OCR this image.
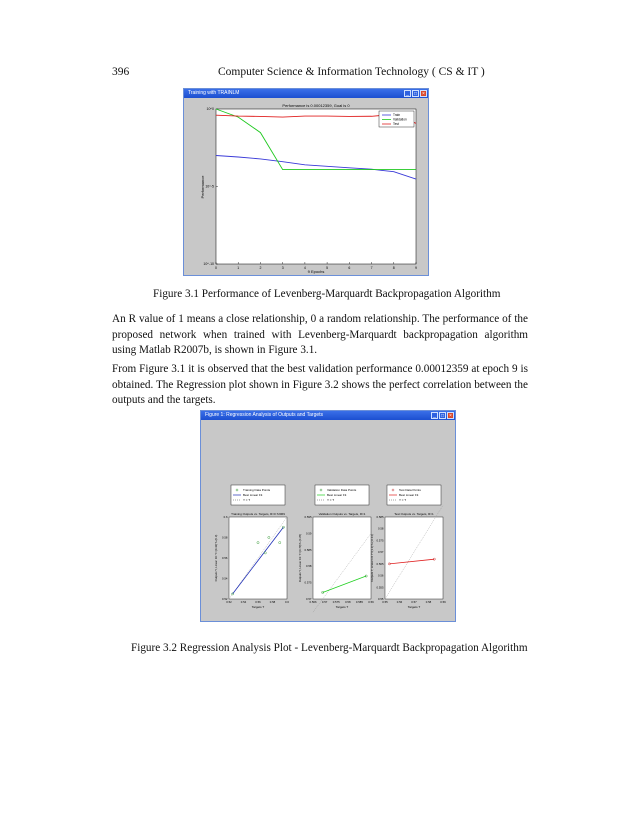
396	Computer Science & Information Technology ( CS & IT )
Training with TRAINLM	_	□	×
Performance is 0.00012359, Goal is 0
9 Epochs
Performance
0	1	2	3	4	5	6	7	8	9
10^0
10^-5
10^-10
Train
Validation
Test
Figure 3.1 Performance of Levenberg-Marquardt Backpropagation Algorithm

An R value of 1 means a close relationship, 0 a random relationship. The performance of the proposed network when trained with Levenberg-Marquardt backpropagation algorithm using Matlab R2007b, is shown in Figure 3.1.

From Figure 3.1 it is observed that the best validation performance 0.00012359 at epoch 9 is obtained. The Regression plot shown in Figure 3.2 shows the perfect correlation between the outputs and the targets.

Figure 1: Regression Analysis of Outputs and Targets	_	□	×
Training Data Points
Best Linear Fit
Y = T
Training Outputs vs. Targets, R=0.72069
0.52	0.54	0.56	0.58	0.6
0.52
0.54
0.56
0.58
0.6
Targets T
Outputs Y, Linear Fit: Y=(0.42)T+(0.3)
Validation Data Points
Best Linear Fit
Y = T
Validation Outputs vs. Targets, R=1
0.566 0.57 0.575 0.58 0.585 0.59
0.57
0.575
0.58
0.585
0.59
0.595
Targets T
Outputs Y, Linear Fit: Y=(0.78)T+(0.35)
Test Data Points
Best Linear Fit
Y = T
Test Outputs vs. Targets, R=1
0.55	0.56	0.57	0.58	0.59
0.55
0.555
0.56
0.565
0.57
0.575
0.58
0.585
Targets T
Outputs Y, Linear Fit: Y=(1.1)T+(-0.11)
Figure 3.2 Regression Analysis Plot - Levenberg-Marquardt Backpropagation Algorithm
